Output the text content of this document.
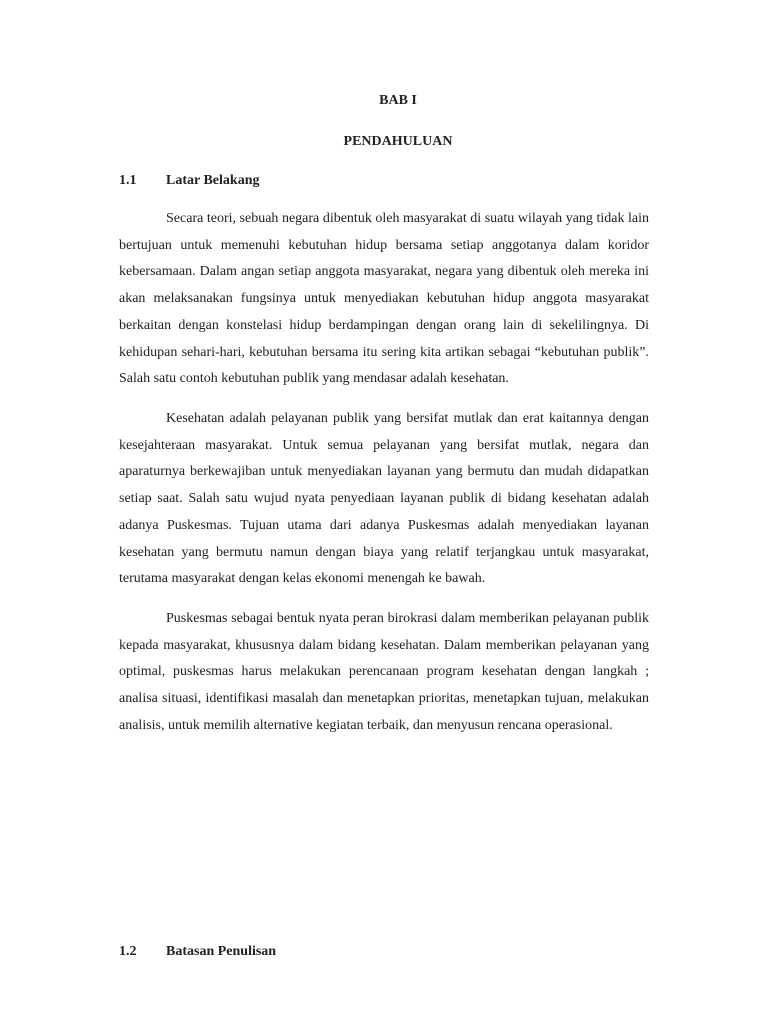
BAB I
PENDAHULUAN
1.1 Latar Belakang

Secara teori, sebuah negara dibentuk oleh masyarakat di suatu wilayah yang tidak lain bertujuan untuk memenuhi kebutuhan hidup bersama setiap anggotanya dalam koridor kebersamaan. Dalam angan setiap anggota masyarakat, negara yang dibentuk oleh mereka ini akan melaksanakan fungsinya untuk menyediakan kebutuhan hidup anggota masyarakat berkaitan dengan konstelasi hidup berdampingan dengan orang lain di sekelilingnya. Di kehidupan sehari-hari, kebutuhan bersama itu sering kita artikan sebagai “kebutuhan publik”. Salah satu contoh kebutuhan publik yang mendasar adalah kesehatan.

Kesehatan adalah pelayanan publik yang bersifat mutlak dan erat kaitannya dengan kesejahteraan masyarakat. Untuk semua pelayanan yang bersifat mutlak, negara dan aparaturnya berkewajiban untuk menyediakan layanan yang bermutu dan mudah didapatkan setiap saat. Salah satu wujud nyata penyediaan layanan publik di bidang kesehatan adalah adanya Puskesmas. Tujuan utama dari adanya Puskesmas adalah menyediakan layanan kesehatan yang bermutu namun dengan biaya yang relatif terjangkau untuk masyarakat, terutama masyarakat dengan kelas ekonomi menengah ke bawah.

Puskesmas sebagai bentuk nyata peran birokrasi dalam memberikan pelayanan publik kepada masyarakat, khususnya dalam bidang kesehatan. Dalam memberikan pelayanan yang optimal, puskesmas harus melakukan perencanaan program kesehatan dengan langkah ; analisa situasi, identifikasi masalah dan menetapkan prioritas, menetapkan tujuan, melakukan analisis, untuk memilih alternative kegiatan terbaik, dan menyusun rencana operasional.

1.2 Batasan Penulisan
